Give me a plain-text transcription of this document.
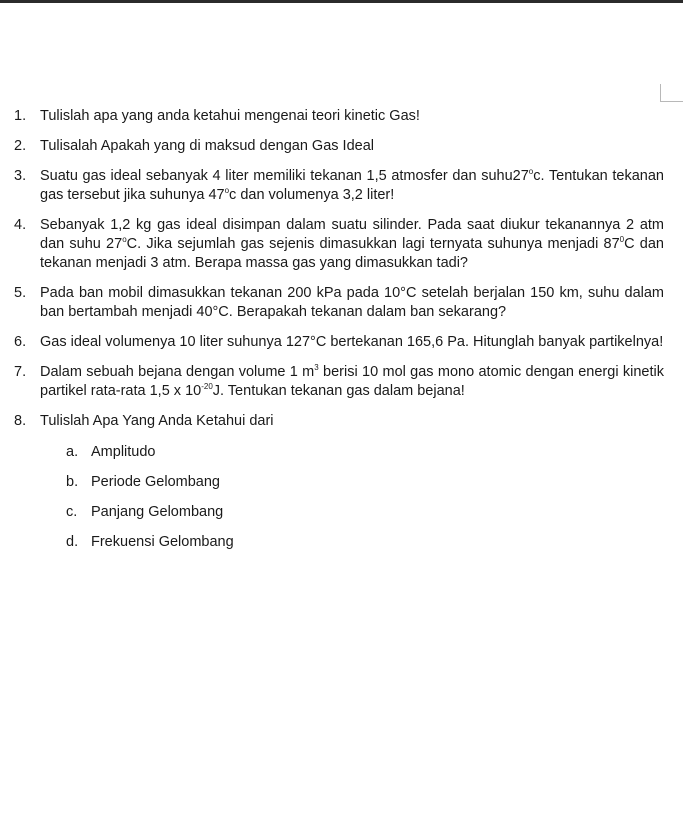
1. Tulislah apa yang anda ketahui mengenai teori kinetic Gas!
2. Tulisalah Apakah yang di maksud dengan Gas Ideal
3. Suatu gas ideal sebanyak 4 liter memiliki tekanan 1,5 atmosfer dan suhu27$^o$c. Tentukan tekanan gas tersebut jika suhunya 47$^o$c dan volumenya 3,2 liter!
4. Sebanyak 1,2 kg gas ideal disimpan dalam suatu silinder. Pada saat diukur tekanannya 2 atm dan suhu 27$^o$C. Jika sejumlah gas sejenis dimasukkan lagi ternyata suhunya menjadi $87^0C$ dan tekanan menjadi 3 atm. Berapa massa gas yang dimasukkan tadi?
5. Pada ban mobil dimasukkan tekanan 200 kPa pada 10°C setelah berjalan 150 km, suhu dalam ban bertambah menjadi 40°C. Berapakah tekanan dalam ban sekarang?
6. Gas ideal volumenya 10 liter suhunya 127°C bertekanan 165,6 Pa. Hitunglah banyak partikelnya!
7. Dalam sebuah bejana dengan volume 1 $m^3$ berisi 10 mol gas mono atomic dengan energi kinetik partikel rata-rata 1,5 x $10^{-20}J$. Tentukan tekanan gas dalam bejana!
8. Tulislah Apa Yang Anda Ketahui dari
a. Amplitudo
b. Periode Gelombang
c. Panjang Gelombang
d. Frekuensi Gelombang
